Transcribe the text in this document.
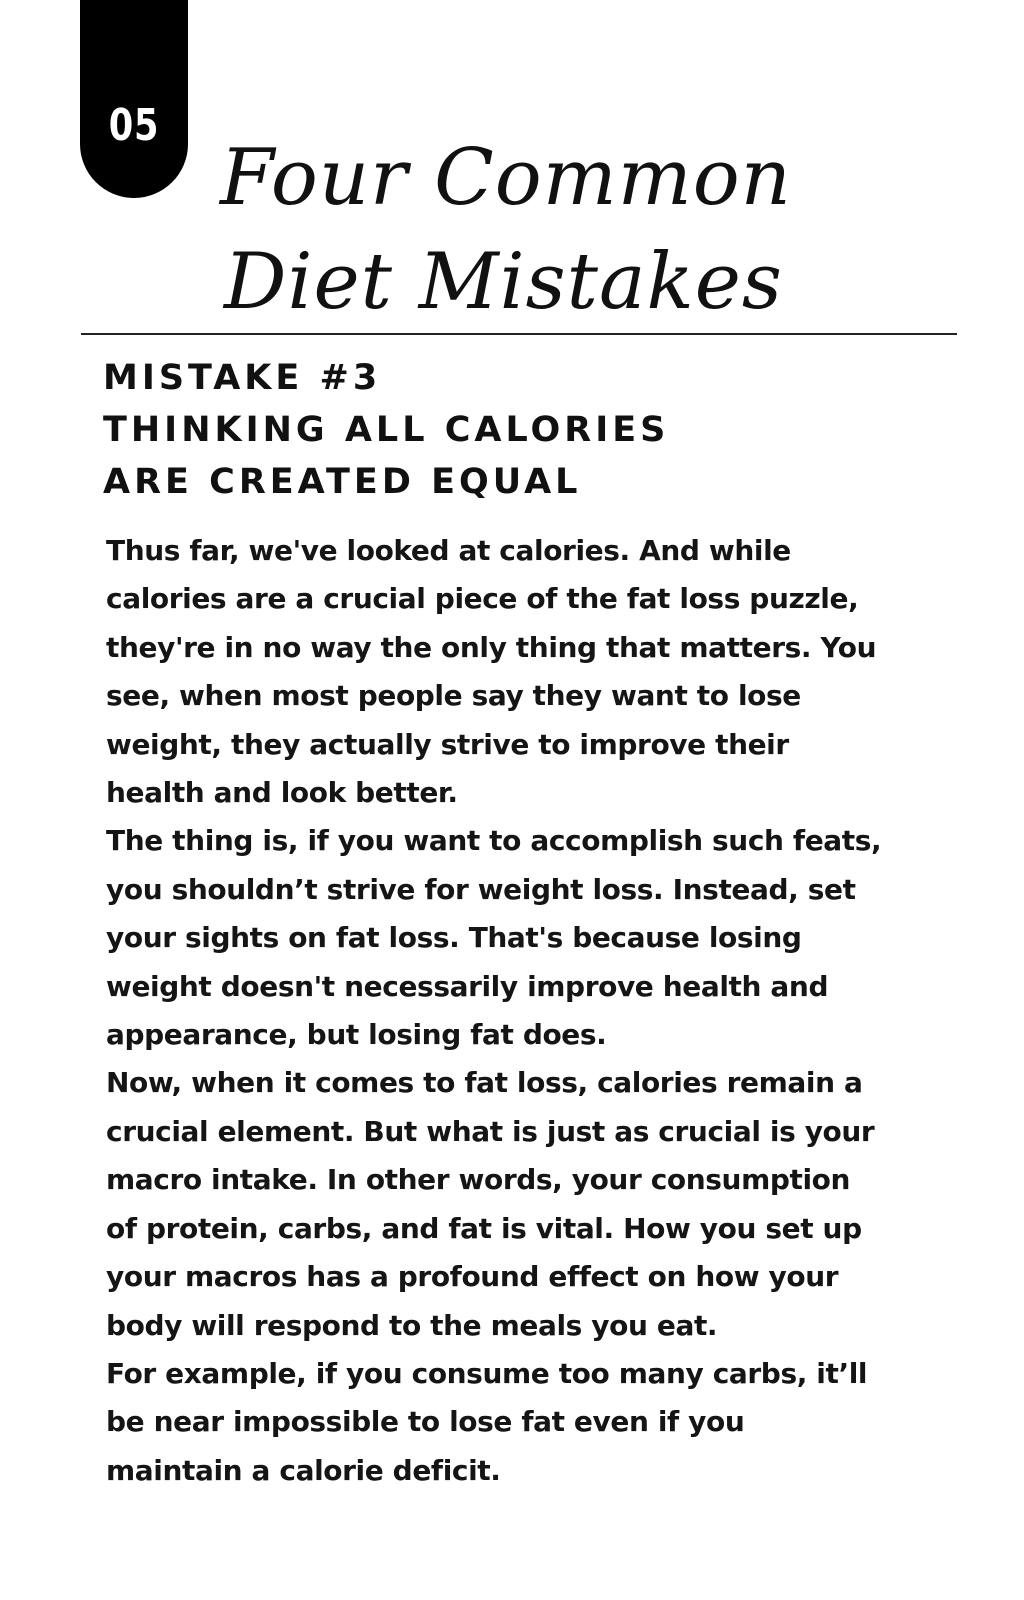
05
Four Common
Diet Mistakes
MISTAKE #3
THINKING ALL CALORIES
ARE CREATED EQUAL
Thus far, we've looked at calories. And while
calories are a crucial piece of the fat loss puzzle,
they're in no way the only thing that matters. You
see, when most people say they want to lose
weight, they actually strive to improve their
health and look better.
The thing is, if you want to accomplish such feats,
you shouldn’t strive for weight loss. Instead, set
your sights on fat loss. That's because losing
weight doesn't necessarily improve health and
appearance, but losing fat does.
Now, when it comes to fat loss, calories remain a
crucial element. But what is just as crucial is your
macro intake. In other words, your consumption
of protein, carbs, and fat is vital. How you set up
your macros has a profound effect on how your
body will respond to the meals you eat.
For example, if you consume too many carbs, it’ll
be near impossible to lose fat even if you
maintain a calorie deficit.
